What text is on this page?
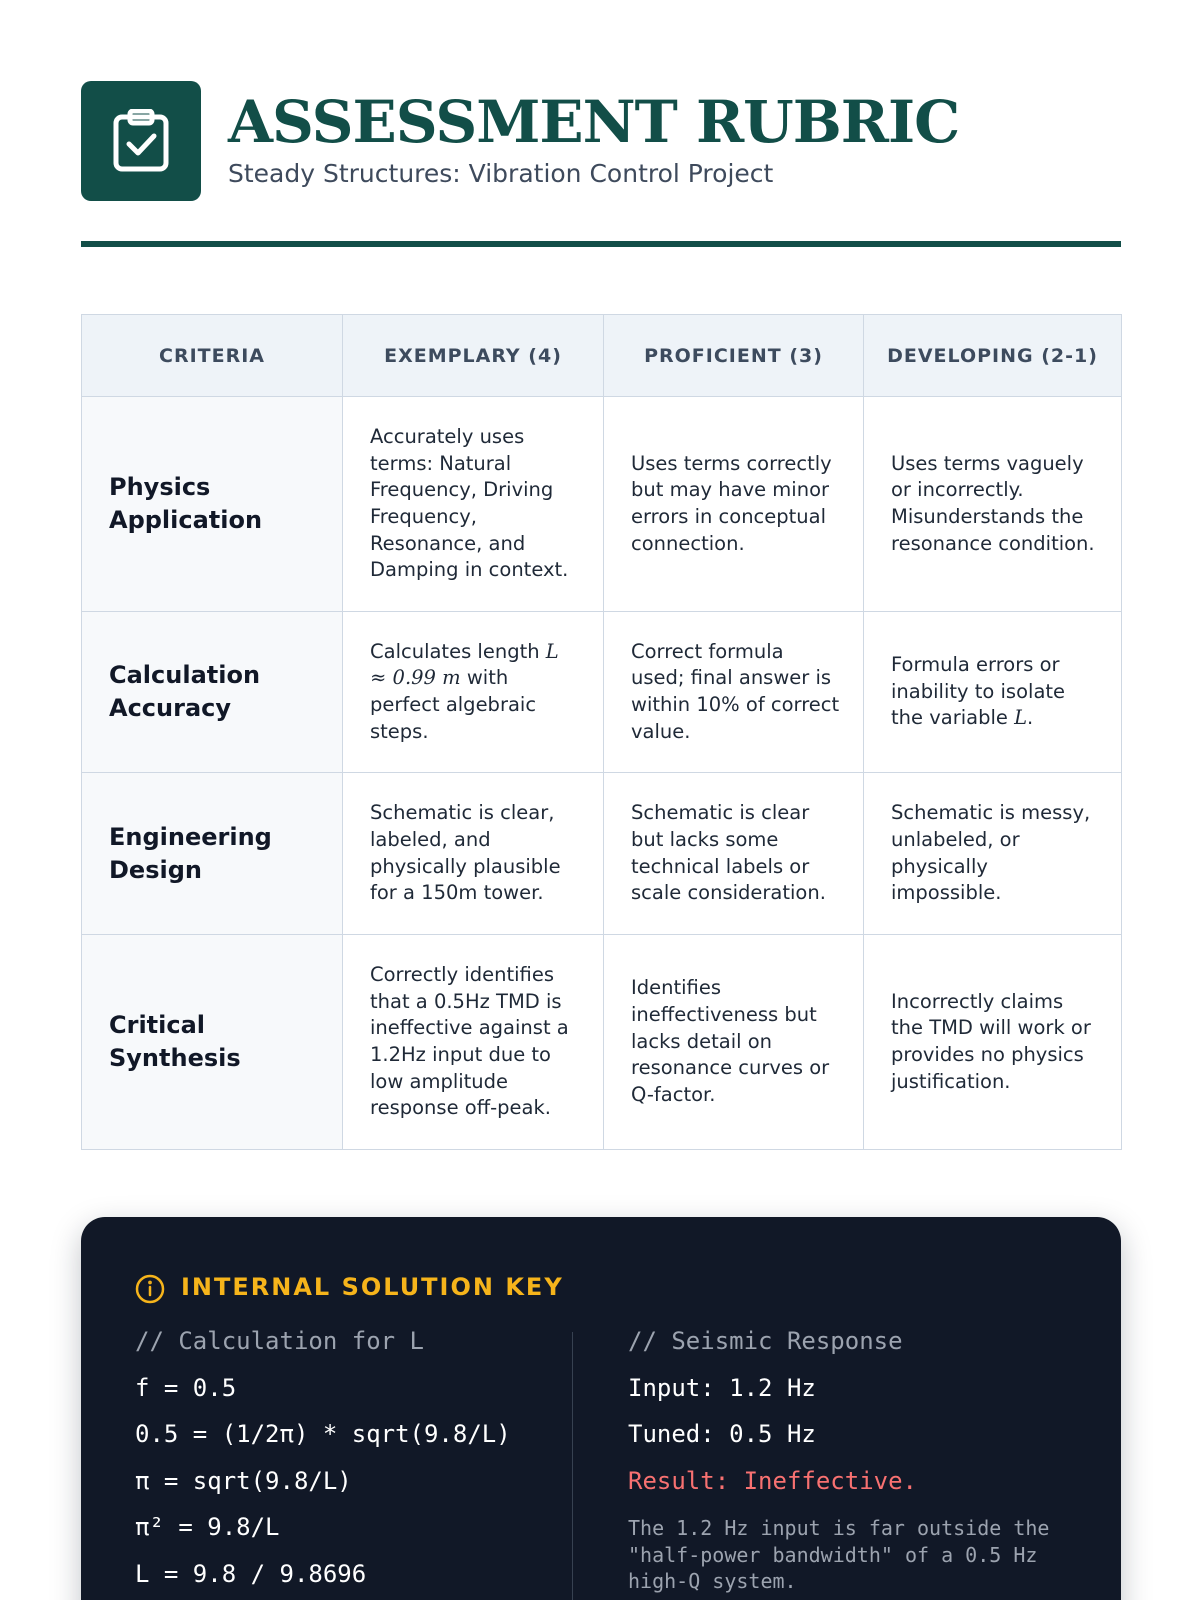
ASSESSMENT RUBRIC
Steady Structures: Vibration Control Project
CRITERIA	EXEMPLARY (4)	PROFICIENT (3)	DEVELOPING (2-1)
Physics Application	Accurately uses terms: Natural Frequency, Driving Frequency, Resonance, and Damping in context.	Uses terms correctly but may have minor errors in conceptual connection.	Uses terms vaguely or incorrectly. Misunderstands the resonance condition.
Calculation Accuracy	Calculates length L ≈ 0.99 m with perfect algebraic steps.	Correct formula used; final answer is within 10% of correct value.	Formula errors or inability to isolate the variable L.
Engineering Design	Schematic is clear, labeled, and physically plausible for a 150m tower.	Schematic is clear but lacks some technical labels or scale consideration.	Schematic is messy, unlabeled, or physically impossible.
Critical Synthesis	Correctly identifies that a 0.5Hz TMD is ineffective against a 1.2Hz input due to low amplitude response off-peak.	Identifies ineffectiveness but lacks detail on resonance curves or Q-factor.	Incorrectly claims the TMD will work or provides no physics justification.
INTERNAL SOLUTION KEY
// Calculation for L
f = 0.5
0.5 = (1/2π) * sqrt(9.8/L)
π = sqrt(9.8/L)
π² = 9.8/L
L = 9.8 / 9.8696
// Seismic Response
Input: 1.2 Hz
Tuned: 0.5 Hz
Result: Ineffective.
The 1.2 Hz input is far outside the "half-power bandwidth" of a 0.5 Hz high-Q system.
